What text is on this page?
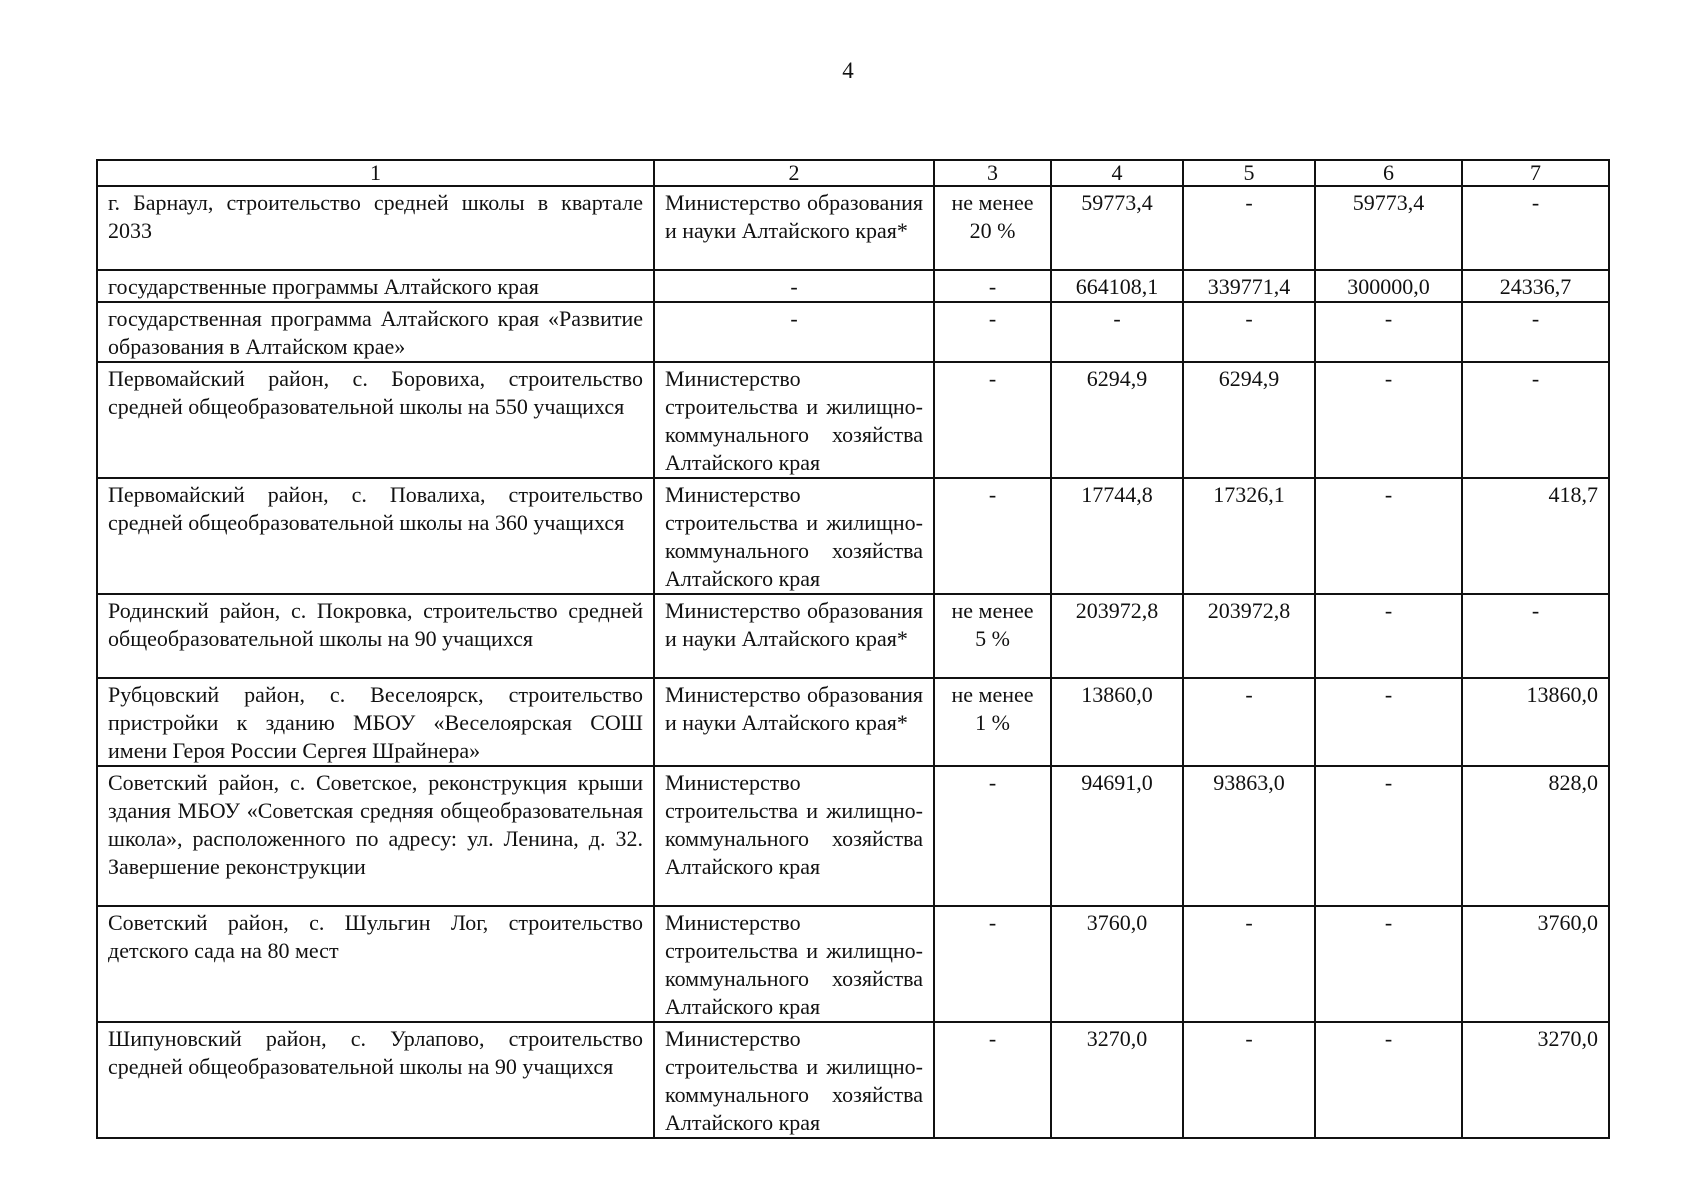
4
1	2	3	4	5	6	7
г. Барнаул, строительство средней школы в квартале 2033	Министерство образования и науки Алтайского края*	не менее 20 %	59773,4	-	59773,4	-
государственные программы Алтайского края	-	-	664108,1	339771,4	300000,0	24336,7
государственная программа Алтайского края «Развитие образования в Алтайском крае»	-	-	-	-	-	-
Первомайский район, с. Боровиха, строительство средней общеобразовательной школы на 550 учащихся	Министерство строительства и жилищно-коммунального хозяйства Алтайского края	-	6294,9	6294,9	-	-
Первомайский район, с. Повалиха, строительство средней общеобразовательной школы на 360 учащихся	Министерство строительства и жилищно-коммунального хозяйства Алтайского края	-	17744,8	17326,1	-	418,7
Родинский район, с. Покровка, строительство средней общеобразовательной школы на 90 учащихся	Министерство образования и науки Алтайского края*	не менее 5 %	203972,8	203972,8	-	-
Рубцовский район, с. Веселоярск, строительство пристройки к зданию МБОУ «Веселоярская СОШ имени Героя России Сергея Шрайнера»	Министерство образования и науки Алтайского края*	не менее 1 %	13860,0	-	-	13860,0
Советский район, с. Советское, реконструкция крыши здания МБОУ «Советская средняя общеобразовательная школа», расположенного по адресу: ул. Ленина, д. 32. Завершение реконструкции	Министерство строительства и жилищно-коммунального хозяйства Алтайского края	-	94691,0	93863,0	-	828,0
Советский район, с. Шульгин Лог, строительство детского сада на 80 мест	Министерство строительства и жилищно-коммунального хозяйства Алтайского края	-	3760,0	-	-	3760,0
Шипуновский район, с. Урлапово, строительство средней общеобразовательной школы на 90 учащихся	Министерство строительства и жилищно-коммунального хозяйства Алтайского края	-	3270,0	-	-	3270,0
